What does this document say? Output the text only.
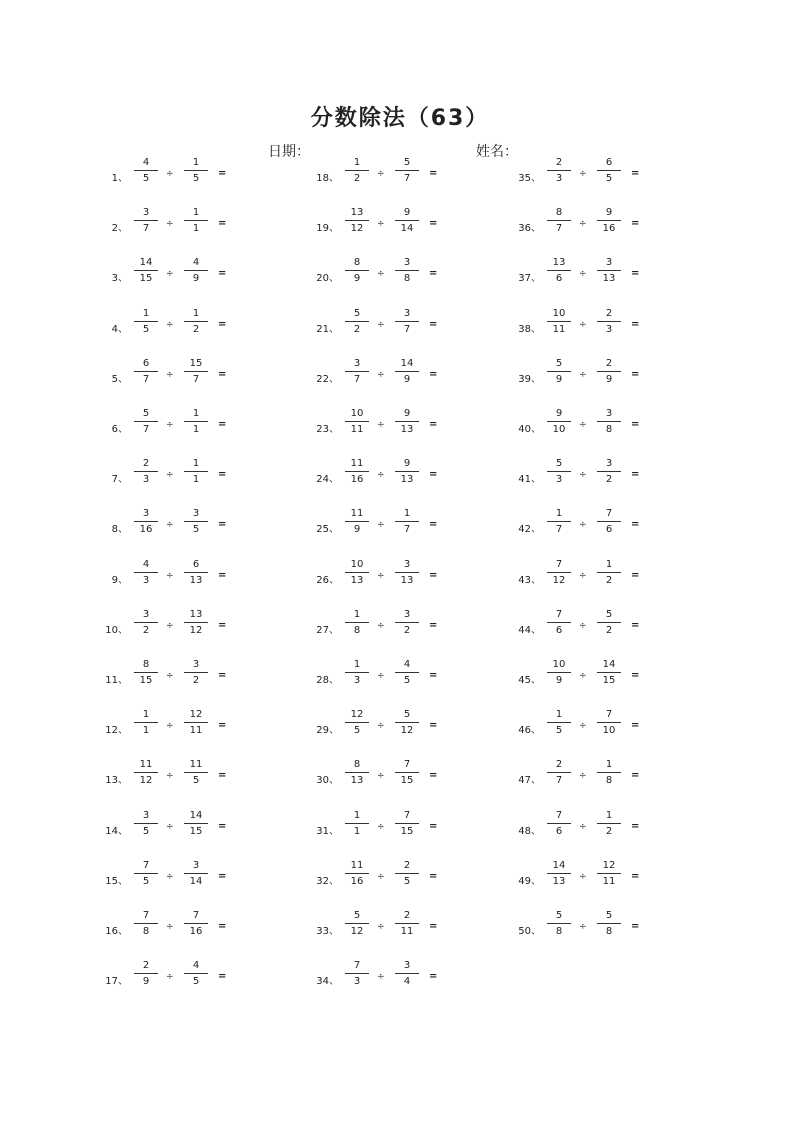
分数除法（63）
日期：	姓名：
1、
4
5	÷
1
5	=
2、
3
7	÷
1
1	=
3、
14
15	÷
4
9	=
4、
1
5	÷
1
2	=
5、
6
7	÷
15
7	=
6、
5
7	÷
1
1	=
7、
2
3	÷
1
1	=
8、
3
16	÷
3
5	=
9、
4
3	÷
6
13	=
10、
3
2	÷
13
12	=
11、
8
15	÷
3
2	=
12、
1
1	÷
12
11	=
13、
11
12	÷
11
5	=
14、
3
5	÷
14
15	=
15、
7
5	÷
3
14	=
16、
7
8	÷
7
16	=
17、
2
9	÷
4
5	=
18、
1
2	÷
5
7	=
19、
13
12	÷
9
14	=
20、
8
9	÷
3
8	=
21、
5
2	÷
3
7	=
22、
3
7	÷
14
9	=
23、
10
11	÷
9
13	=
24、
11
16	÷
9
13	=
25、
11
9	÷
1
7	=
26、
10
13	÷
3
13	=
27、
1
8	÷
3
2	=
28、
1
3	÷
4
5	=
29、
12
5	÷
5
12	=
30、
8
13	÷
7
15	=
31、
1
1	÷
7
15	=
32、
11
16	÷
2
5	=
33、
5
12	÷
2
11	=
34、
7
3	÷
3
4	=
35、
2
3	÷
6
5	=
36、
8
7	÷
9
16	=
37、
13
6	÷
3
13	=
38、
10
11	÷
2
3	=
39、
5
9	÷
2
9	=
40、
9
10	÷
3
8	=
41、
5
3	÷
3
2	=
42、
1
7	÷
7
6	=
43、
7
12	÷
1
2	=
44、
7
6	÷
5
2	=
45、
10
9	÷
14
15	=
46、
1
5	÷
7
10	=
47、
2
7	÷
1
8	=
48、
7
6	÷
1
2	=
49、
14
13	÷
12
11	=
50、
5
8	÷
5
8	=
